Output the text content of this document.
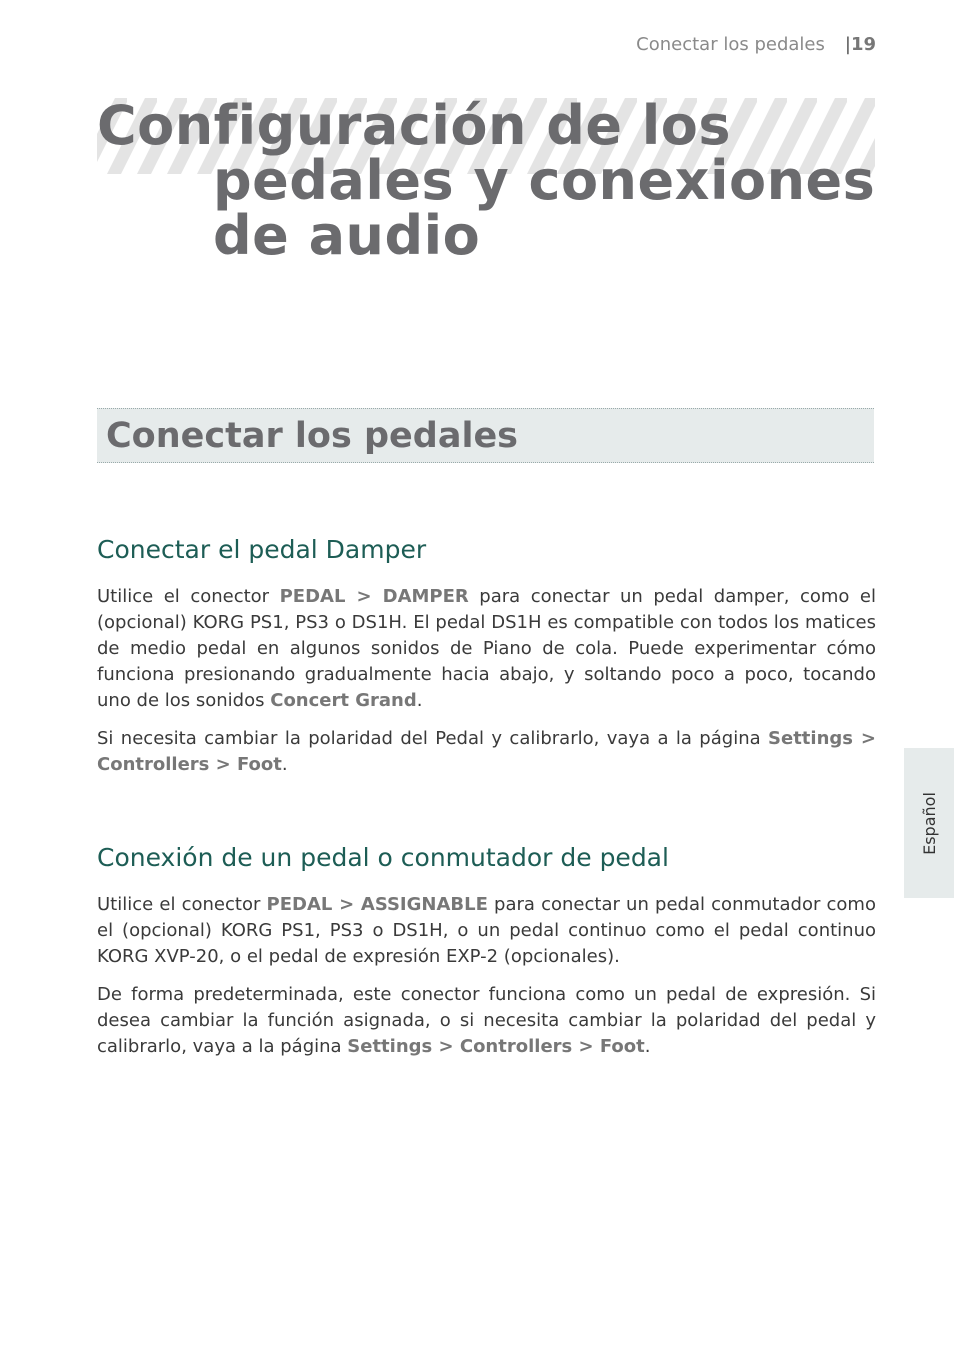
Conectar los pedales | 19
Configuración de los
pedales y conexiones
de audio
Conectar los pedales
Conectar el pedal Damper

Utilice el conector PEDAL > DAMPER para conectar un pedal damper, como el (opcional) KORG PS1, PS3 o DS1H. El pedal DS1H es compatible con todos los matices de medio pedal en algunos sonidos de Piano de cola. Puede experimentar cómo funciona presionando gradualmente hacia abajo, y soltando poco a poco, tocando uno de los sonidos Concert Grand.

Si necesita cambiar la polaridad del Pedal y calibrarlo, vaya a la página Settings > Controllers > Foot.

Conexión de un pedal o conmutador de pedal

Utilice el conector PEDAL > ASSIGNABLE para conectar un pedal conmutador como el (opcional) KORG PS1, PS3 o DS1H, o un pedal continuo como el pedal continuo KORG XVP-20, o el pedal de expresión EXP-2 (opcionales).

De forma predeterminada, este conector funciona como un pedal de expresión. Si desea cambiar la función asignada, o si necesita cambiar la polaridad del pedal y calibrarlo, vaya a la página Settings > Controllers > Foot.

Español
